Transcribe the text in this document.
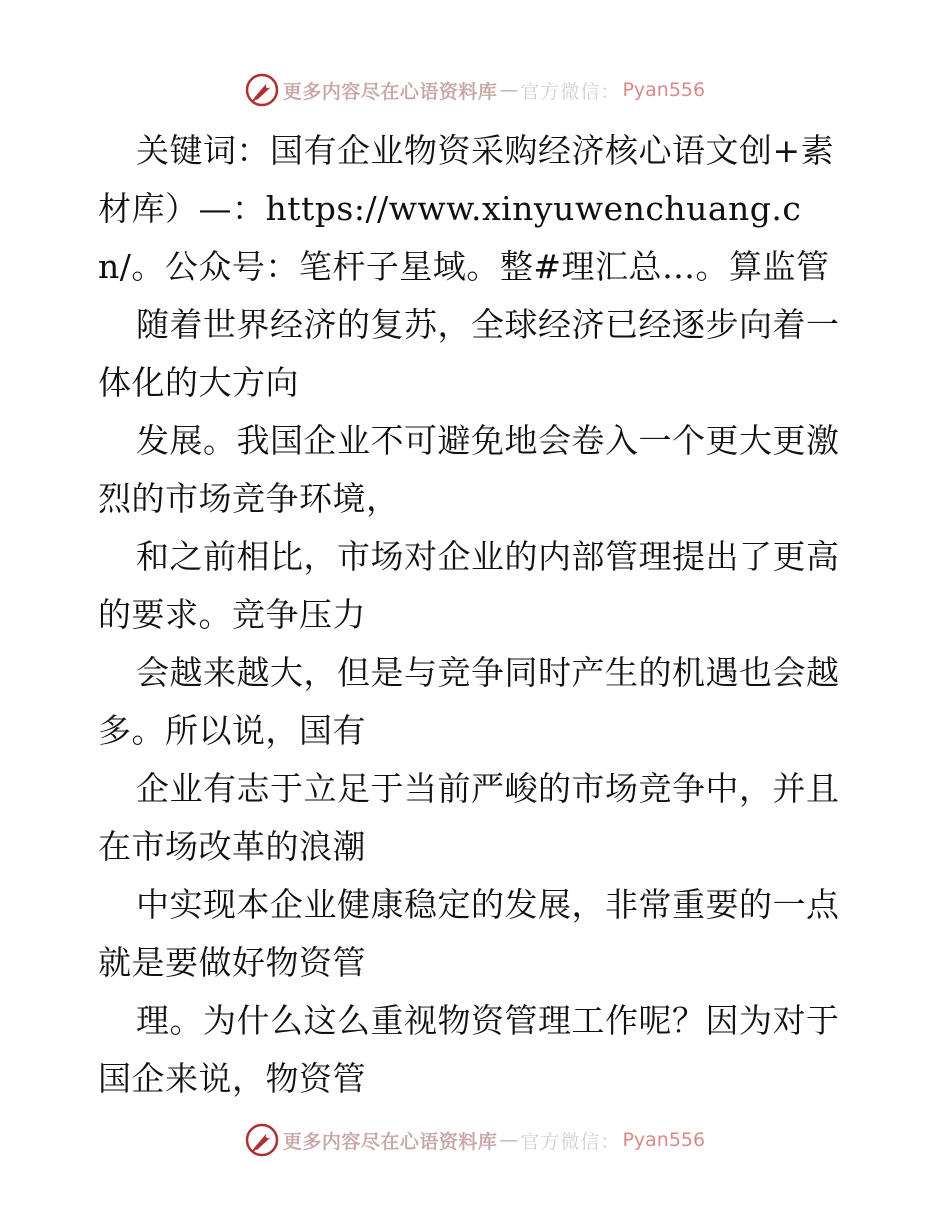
更多内容尽在心语资料库 — 官方微信： Pyan556

关键词：国有企业物资采购经济核心语文创+素材库）—：https://www.xinyuwenchuang.cn/。公众号：笔杆子星域。整#理汇总…。算监管

随着世界经济的复苏，全球经济已经逐步向着一体化的大方向

发展。我国企业不可避免地会卷入一个更大更激烈的市场竞争环境，

和之前相比，市场对企业的内部管理提出了更高的要求。竞争压力

会越来越大，但是与竞争同时产生的机遇也会越多。所以说，国有

企业有志于立足于当前严峻的市场竞争中，并且在市场改革的浪潮

中实现本企业健康稳定的发展，非常重要的一点就是要做好物资管

理。为什么这么重视物资管理工作呢？因为对于国企来说，物资管

更多内容尽在心语资料库 — 官方微信： Pyan556
